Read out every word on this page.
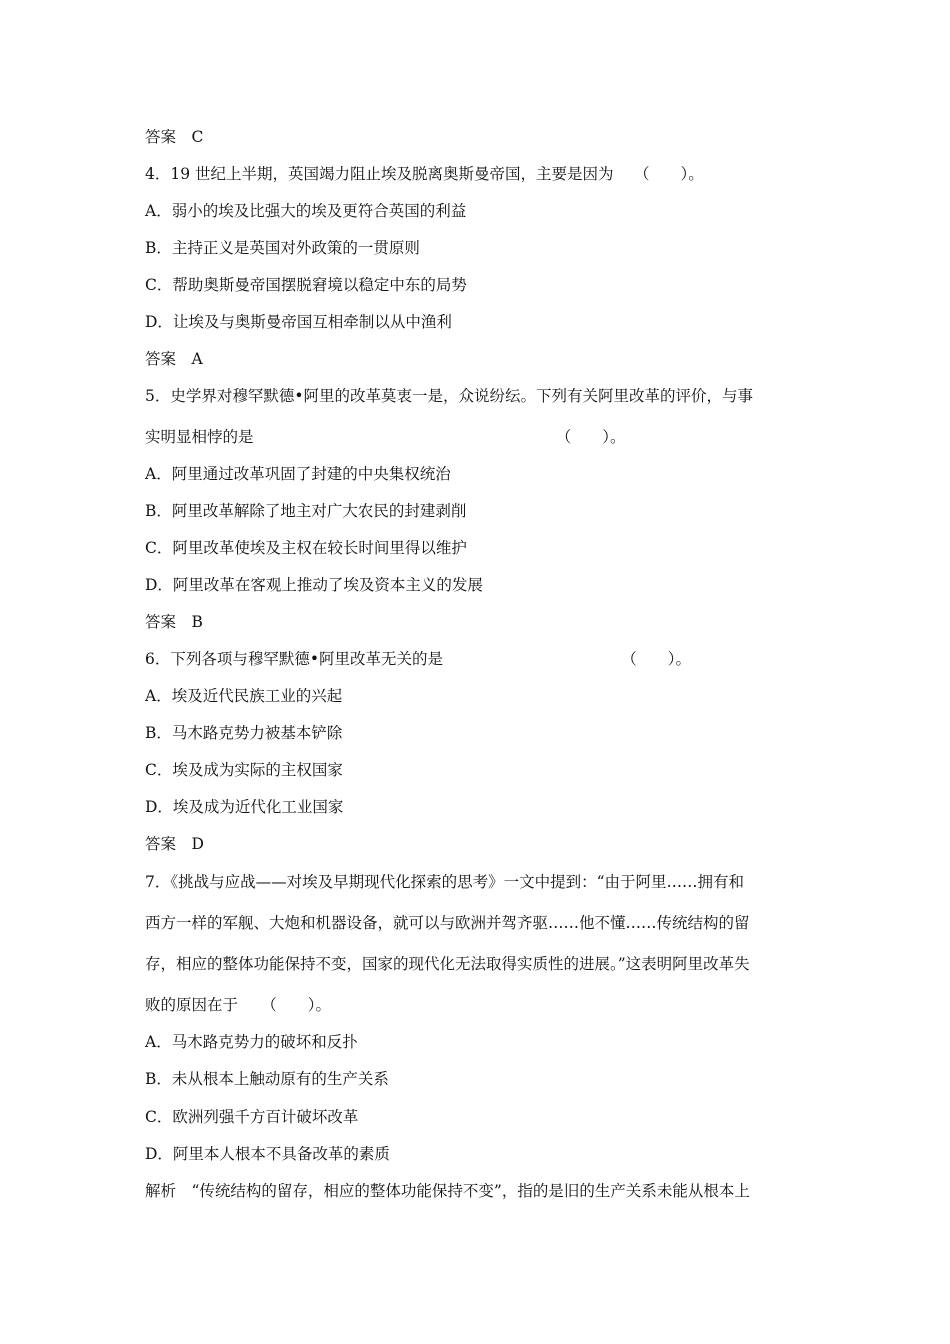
答案　C
4．19 世纪上半期，英国竭力阻止埃及脱离奥斯曼帝国，主要是因为　 （　　）。
A．弱小的埃及比强大的埃及更符合英国的利益
B．主持正义是英国对外政策的一贯原则
C．帮助奥斯曼帝国摆脱窘境以稳定中东的局势
D．让埃及与奥斯曼帝国互相牵制以从中渔利
答案　A
5．史学界对穆罕默德•阿里的改革莫衷一是，众说纷纭。下列有关阿里改革的评价，与事
实明显相悖的是　　　　　　　　　　　　　　　　　　　　（　　）。
A．阿里通过改革巩固了封建的中央集权统治
B．阿里改革解除了地主对广大农民的封建剥削
C．阿里改革使埃及主权在较长时间里得以维护
D．阿里改革在客观上推动了埃及资本主义的发展
答案　B
6．下列各项与穆罕默德•阿里改革无关的是　　　　　　　　　　　　（　　）。
A．埃及近代民族工业的兴起
B．马木路克势力被基本铲除
C．埃及成为实际的主权国家
D．埃及成为近代化工业国家
答案　D
7．《挑战与应战——对埃及早期现代化探索的思考》一文中提到：“由于阿里……拥有和
西方一样的军舰、大炮和机器设备，就可以与欧洲并驾齐驱……他不懂……传统结构的留
存，相应的整体功能保持不变，国家的现代化无法取得实质性的进展。”这表明阿里改革失
败的原因在于　　（　　）。
A．马木路克势力的破坏和反扑
B．未从根本上触动原有的生产关系
C．欧洲列强千方百计破坏改革
D．阿里本人根本不具备改革的素质
解析　“传统结构的留存，相应的整体功能保持不变”，指的是旧的生产关系未能从根本上
